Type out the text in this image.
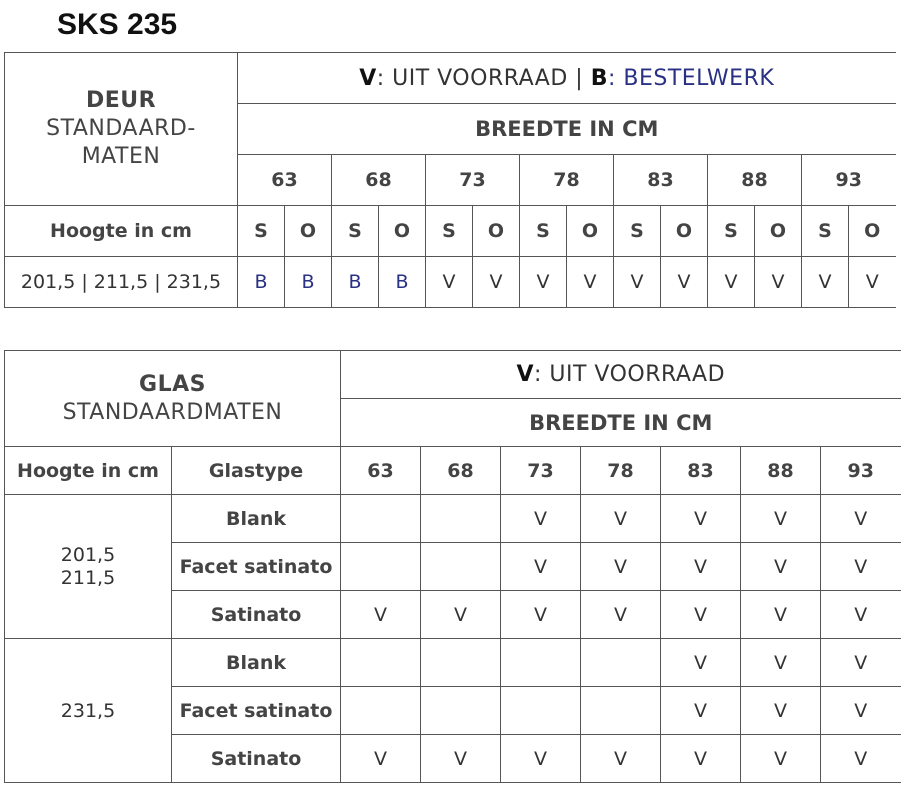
SKS 235
DEUR
STANDAARD-
MATEN	V: UIT VOORRAAD | B: BESTELWERK													
	BREEDTE IN CM													
	63		68		73		78		83		88		93	
Hoogte in cm	S	O	S	O	S	O	S	O	S	O	S	O	S	O
201,5 | 211,5 | 231,5	B	B	B	B	V	V	V	V	V	V	V	V	V	V
GLAS
STANDAARDMATEN		V: UIT VOORRAAD						
		BREEDTE IN CM						
Hoogte in cm	Glastype	63	68	73	78	83	88	93

201,5
211,5	Blank			V	V	V	V	V
	Facet satinato			V	V	V	V	V
	Satinato	V	V	V	V	V	V	V

231,5	Blank					V	V	V
	Facet satinato					V	V	V
	Satinato	V	V	V	V	V	V	V
